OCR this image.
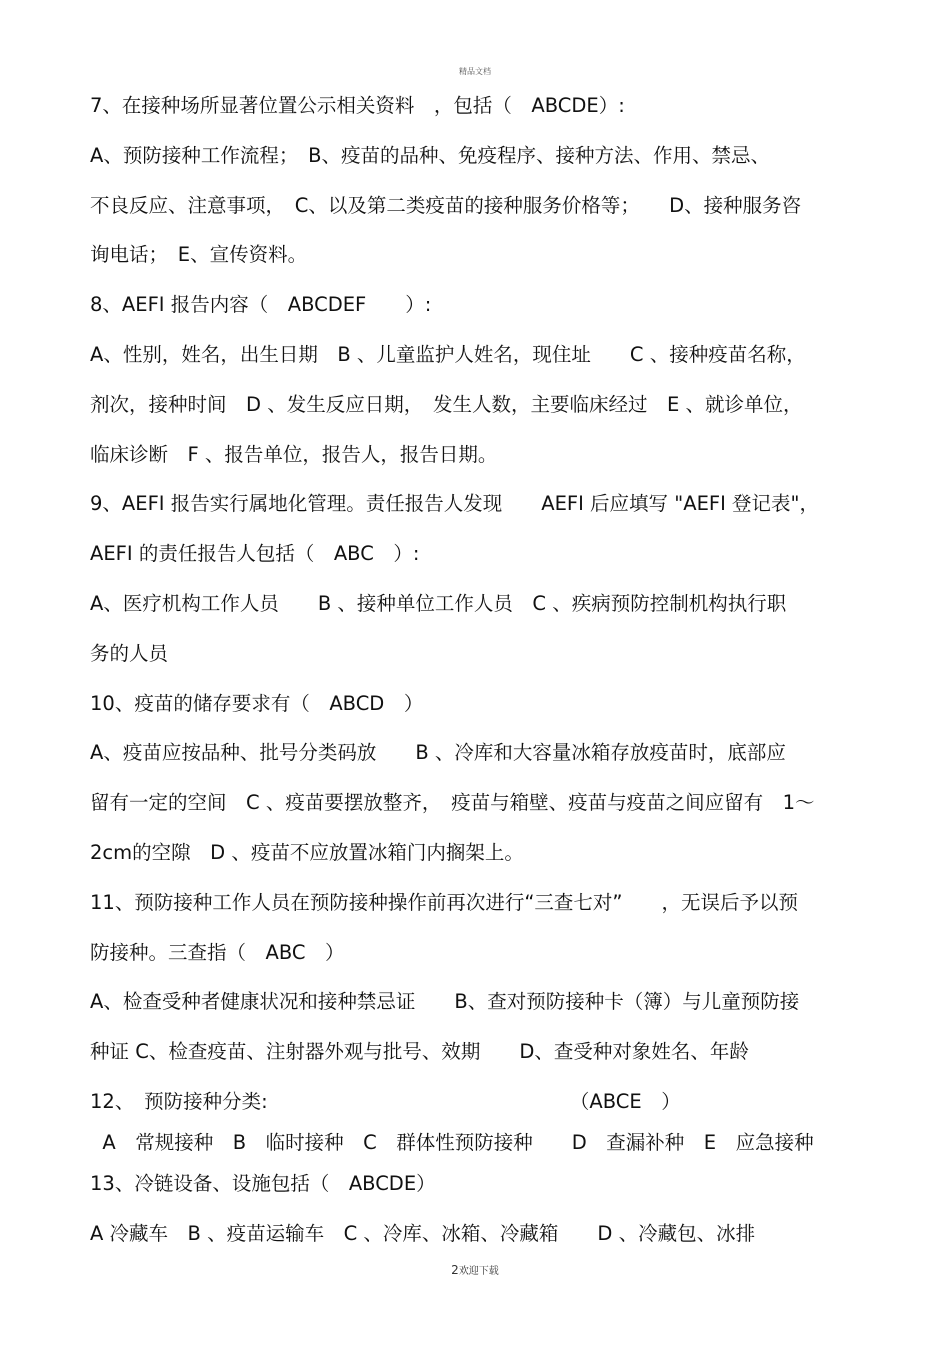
精品文档
7、在接种场所显著位置公示相关资料　，包括（　ABCDE）:
A、预防接种工作流程；　B、疫苗的品种、免疫程序、接种方法、作用、禁忌、
不良反应、注意事项，　C、以及第二类疫苗的接种服务价格等；　　D、接种服务咨
询电话；　E、宣传资料。
8、AEFI 报告内容（　ABCDEF　　）:
A、性别，姓名，出生日期　B 、儿童监护人姓名，现住址　　C 、接种疫苗名称，
剂次，接种时间　D 、发生反应日期，　发生人数，主要临床经过　E 、就诊单位，
临床诊断　F 、报告单位，报告人，报告日期。
9、AEFI 报告实行属地化管理。责任报告人发现　　AEFI 后应填写 "AEFI 登记表"，
AEFI 的责任报告人包括（　ABC　）:
A、医疗机构工作人员　　B 、接种单位工作人员　C 、疾病预防控制机构执行职
务的人员
10、疫苗的储存要求有（　ABCD　）
A、疫苗应按品种、批号分类码放　　B 、冷库和大容量冰箱存放疫苗时，底部应
留有一定的空间　C 、疫苗要摆放整齐，　疫苗与箱壁、疫苗与疫苗之间应留有　1～
2cm的空隙　D 、疫苗不应放置冰箱门内搁架上。
11、预防接种工作人员在预防接种操作前再次进行“三查七对”　　，无误后予以预
防接种。三查指（　ABC　）
A、检查受种者健康状况和接种禁忌证　　B、查对预防接种卡（簿）与儿童预防接
种证 C、检查疫苗、注射器外观与批号、效期　　D、查受种对象姓名、年龄
12、　预防接种分类:　　　　　　　　　　　　　　　　（ABCE　）
A　常规接种　B　临时接种　C　群体性预防接种　　D　查漏补种　E　应急接种
13、冷链设备、设施包括（　ABCDE）
A 冷藏车　B 、疫苗运输车　C 、冷库、冰箱、冷藏箱　　D 、冷藏包、冰排
2欢迎下载
